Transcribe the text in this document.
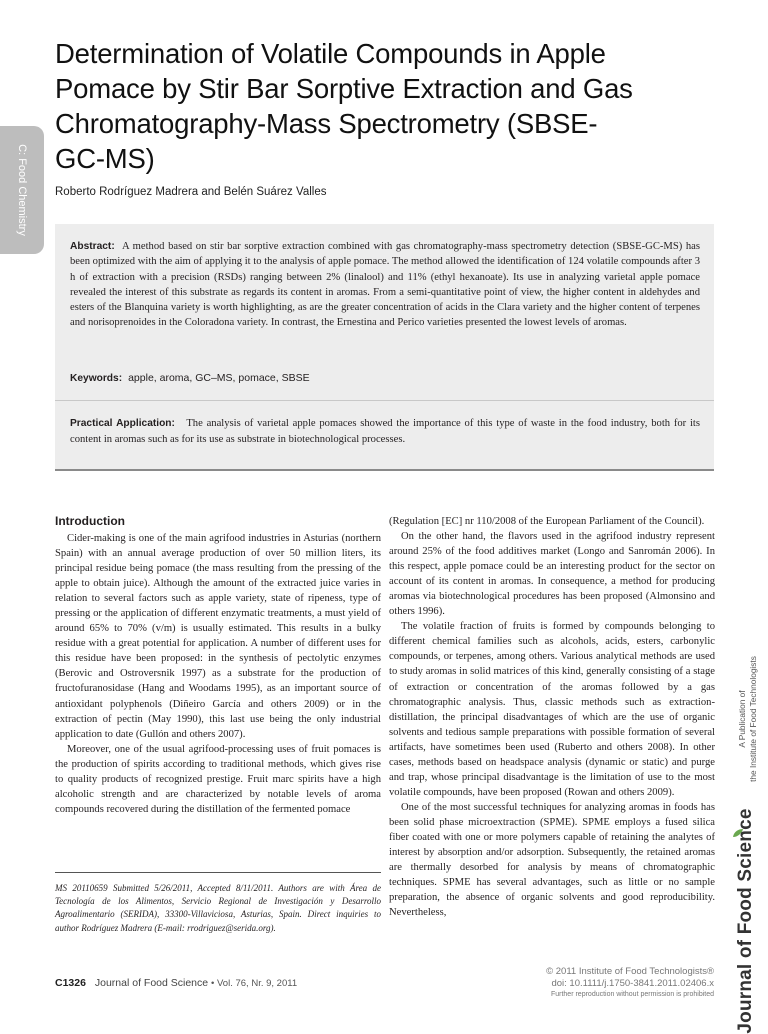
C: Food Chemistry
Determination of Volatile Compounds in Apple Pomace by Stir Bar Sorptive Extraction and Gas Chromatography-Mass Spectrometry (SBSE-GC-MS)
Roberto Rodríguez Madrera and Belén Suárez Valles

Abstract: A method based on stir bar sorptive extraction combined with gas chromatography-mass spectrometry detection (SBSE-GC-MS) has been optimized with the aim of applying it to the analysis of apple pomace. The method allowed the identification of 124 volatile compounds after 3 h of extraction with a precision (RSDs) ranging between 2% (linalool) and 11% (ethyl hexanoate). Its use in analyzing varietal apple pomace revealed the interest of this substrate as regards its content in aromas. From a semi-quantitative point of view, the higher content in aldehydes and esters of the Blanquina variety is worth highlighting, as are the greater concentration of acids in the Clara variety and the higher content of terpenes and norisoprenoides in the Coloradona variety. In contrast, the Ernestina and Perico varieties presented the lowest levels of aromas.

Keywords: apple, aroma, GC–MS, pomace, SBSE

Practical Application: The analysis of varietal apple pomaces showed the importance of this type of waste in the food industry, both for its content in aromas such as for its use as substrate in biotechnological processes.

Introduction

Cider-making is one of the main agrifood industries in Asturias (northern Spain) with an annual average production of over 50 million liters, its principal residue being pomace (the mass resulting from the pressing of the apple to obtain juice). Although the amount of the extracted juice varies in relation to several factors such as apple variety, state of ripeness, type of pressing or the application of different enzymatic treatments, a must yield of around 65% to 70% (v/m) is usually estimated. This results in a bulky residue with a great potential for application. A number of different uses for this residue have been proposed: in the synthesis of pectolytic enzymes (Berovic and Ostroversnik 1997) as a substrate for the production of fructofuranosidase (Hang and Woodams 1995), as an important source of antioxidant polyphenols (Diñeiro García and others 2009) or in the extraction of pectin (May 1990), this last use being the only industrial application to date (Gullón and others 2007).

Moreover, one of the usual agrifood-processing uses of fruit pomaces is the production of spirits according to traditional methods, which gives rise to quality products of recognized prestige. Fruit marc spirits have a high alcoholic strength and are characterized by notable levels of aroma compounds recovered during the distillation of the fermented pomace

(Regulation [EC] nr 110/2008 of the European Parliament of the Council).

On the other hand, the flavors used in the agrifood industry represent around 25% of the food additives market (Longo and Sanromán 2006). In this respect, apple pomace could be an interesting product for the sector on account of its content in aromas. In consequence, a method for producing aromas via biotechnological procedures has been proposed (Almonsino and others 1996).

The volatile fraction of fruits is formed by compounds belonging to different chemical families such as alcohols, acids, esters, carbonylic compounds, or terpenes, among others. Various analytical methods are used to study aromas in solid matrices of this kind, generally consisting of a stage of extraction or concentration of the aromas followed by a gas chromatographic analysis. Thus, classic methods such as extraction-distillation, the principal disadvantages of which are the use of organic solvents and tedious sample preparations with possible formation of several artifacts, have sometimes been used (Ruberto and others 2008). In other cases, methods based on headspace analysis (dynamic or static) and purge and trap, whose principal disadvantage is the limitation of use to the most volatile compounds, have been proposed (Rowan and others 2009).

One of the most successful techniques for analyzing aromas in foods has been solid phase microextraction (SPME). SPME employs a fused silica fiber coated with one or more polymers capable of retaining the analytes of interest by absorption and/or adsorption. Subsequently, the retained aromas are thermally desorbed for analysis by means of chromatographic techniques. SPME has several advantages, such as little or no sample preparation, the absence of organic solvents and good reproducibility. Nevertheless,

MS 20110659 Submitted 5/26/2011, Accepted 8/11/2011. Authors are with Área de Tecnología de los Alimentos, Servicio Regional de Investigación y Desarrollo Agroalimentario (SERIDA), 33300-Villaviciosa, Asturias, Spain. Direct inquiries to author Rodríguez Madrera (E-mail: rrodriguez@serida.org).

C1326 Journal of Food Science • Vol. 76, Nr. 9, 2011
© 2011 Institute of Food Technologists®
doi: 10.1111/j.1750-3841.2011.02406.x
Further reproduction without permission is prohibited
A Publication of the Institute of Food Technologists
Journal of Food Science
